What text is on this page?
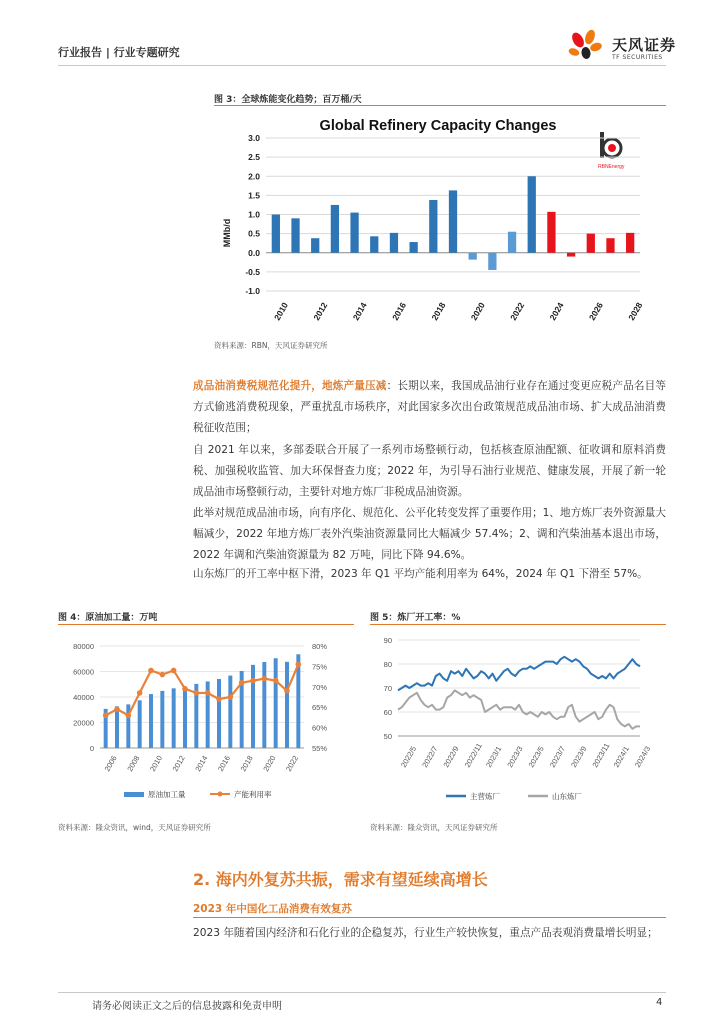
行业报告 | 行业专题研究	天风证券
TF SECURITIES
图 3：全球炼能变化趋势；百万桶/天
Global Refinery Capacity Changes
MMb/d
RBNEnergy
3.0
2.5
2.0
1.5
1.0
0.5
0.0
-0.5
-1.0
2010 2012 2014 2016 2018 2020 2022 2024 2026 2028
资料来源：RBN，天风证券研究所
成品油消费税规范化提升，地炼产量压减：长期以来，我国成品油行业存在通过变更应税产品名目等方式偷逃消费税现象，严重扰乱市场秩序，对此国家多次出台政策规范成品油市场、扩大成品油消费税征收范围；
自 2021 年以来，多部委联合开展了一系列市场整顿行动，包括核查原油配额、征收调和原料消费税、加强税收监管、加大环保督查力度；2022 年，为引导石油行业规范、健康发展，开展了新一轮成品油市场整顿行动，主要针对地方炼厂非税成品油资源。
此举对规范成品油市场，向有序化、规范化、公平化转变发挥了重要作用；1、地方炼厂表外资源量大幅减少，2022 年地方炼厂表外汽柴油资源量同比大幅减少 57.4%；2、调和汽柴油基本退出市场，2022 年调和汽柴油资源量为 82 万吨，同比下降 94.6%。
山东炼厂的开工率中枢下滑，2023 年 Q1 平均产能利用率为 64%，2024 年 Q1 下滑至 57%。
图 4：原油加工量：万吨
80000
60000
40000
20000
0
80%
75%
70%
65%
60%
55%
2006 2008 2010 2012 2014 2016 2018 2020 2022
原油加工量	产能利用率
资料来源：隆众资讯，wind，天风证券研究所
图 5：炼厂开工率：%
90
80
70
60
50
2022/5 2022/7 2022/9 2022/11 2023/1 2023/3 2023/5 2023/7 2023/9 2023/11 2024/1 2024/3
主营炼厂	山东炼厂
资料来源：隆众资讯，天风证券研究所
2. 海内外复苏共振，需求有望延续高增长
2023 年中国化工品消费有效复苏
2023 年随着国内经济和石化行业的企稳复苏，行业生产较快恢复，重点产品表观消费量增长明显；
请务必阅读正文之后的信息披露和免责申明	4
